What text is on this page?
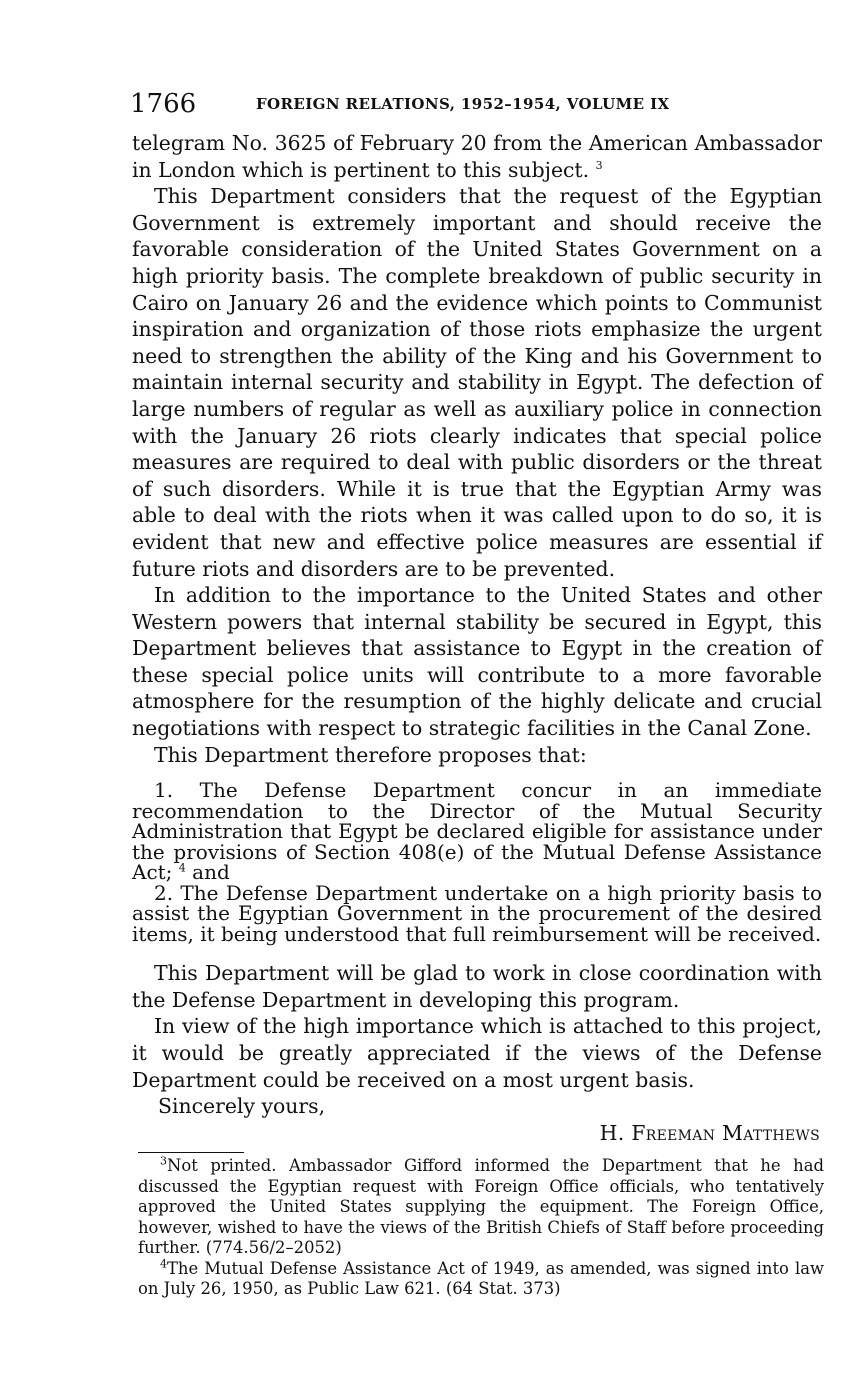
1766	FOREIGN RELATIONS, 1952–1954, VOLUME IX

telegram No. 3625 of February 20 from the American Ambassador in London which is pertinent to this subject. $^3$

This Department considers that the request of the Egyptian Government is extremely important and should receive the favorable consideration of the United States Government on a high priority basis. The complete breakdown of public security in Cairo on January 26 and the evidence which points to Communist inspiration and organization of those riots emphasize the urgent need to strengthen the ability of the King and his Government to maintain internal security and stability in Egypt. The defection of large numbers of regular as well as auxiliary police in connection with the January 26 riots clearly indicates that special police measures are required to deal with public disorders or the threat of such disorders. While it is true that the Egyptian Army was able to deal with the riots when it was called upon to do so, it is evident that new and effective police measures are essential if future riots and disorders are to be prevented.

In addition to the importance to the United States and other Western powers that internal stability be secured in Egypt, this Department believes that assistance to Egypt in the creation of these special police units will contribute to a more favorable atmosphere for the resumption of the highly delicate and crucial negotiations with respect to strategic facilities in the Canal Zone.

This Department therefore proposes that:

1. The Defense Department concur in an immediate recommendation to the Director of the Mutual Security Administration that Egypt be declared eligible for assistance under the provisions of Section 408(e) of the Mutual Defense Assistance Act; $^4$ and

2. The Defense Department undertake on a high priority basis to assist the Egyptian Government in the procurement of the desired items, it being understood that full reimbursement will be received.

This Department will be glad to work in close coordination with the Defense Department in developing this program.

In view of the high importance which is attached to this project, it would be greatly appreciated if the views of the Defense Department could be received on a most urgent basis.

Sincerely yours,

H. Freeman Matthews

$^3$Not printed. Ambassador Gifford informed the Department that he had discussed the Egyptian request with Foreign Office officials, who tentatively approved the United States supplying the equipment. The Foreign Office, however, wished to have the views of the British Chiefs of Staff before proceeding further. (774.56/2–2052)

$^4$The Mutual Defense Assistance Act of 1949, as amended, was signed into law on July 26, 1950, as Public Law 621. (64 Stat. 373)
